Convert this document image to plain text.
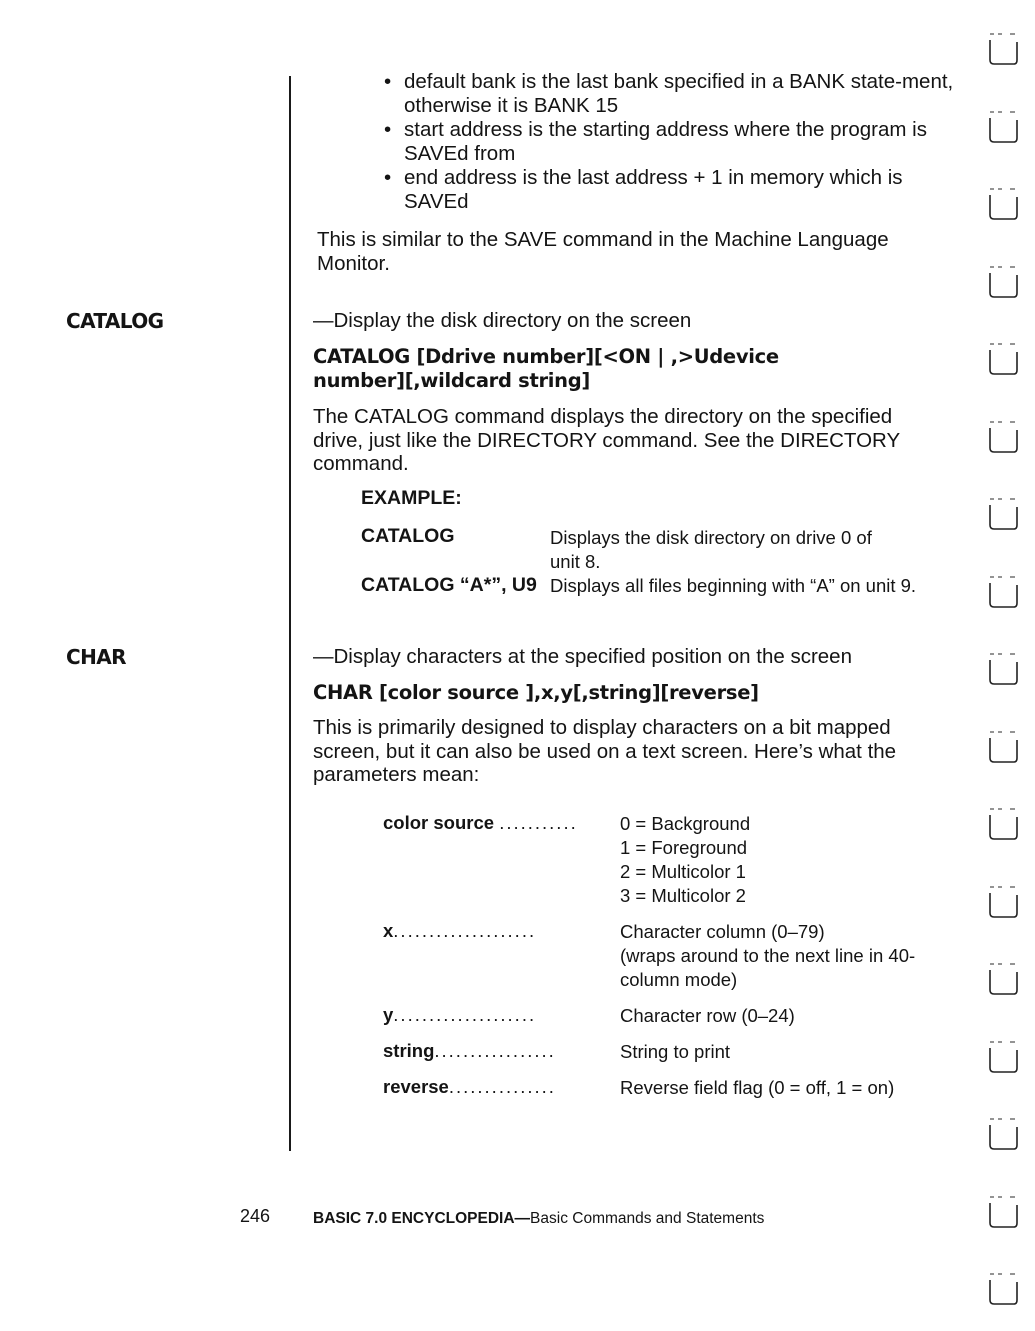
• default bank is the last bank specified in a BANK state-ment, otherwise it is BANK 15
• start address is the starting address where the program is SAVEd from
• end address is the last address + 1 in memory which is SAVEd
This is similar to the SAVE command in the Machine Language Monitor.
CATALOG	—Display the disk directory on the screen
CATALOG [Ddrive number][<ON | ,>Udevice
number][,wildcard string]
The CATALOG command displays the directory on the specified drive, just like the DIRECTORY command. See the DIRECTORY command.
EXAMPLE:
CATALOG	Displays the disk directory on drive 0 of
unit 8.
CATALOG “A*”, U9 Displays all files beginning with “A” on unit 9.
CHAR	—Display characters at the specified position on the screen
CHAR [color source ],x,y[,string][reverse]
This is primarily designed to display characters on a bit mapped screen, but it can also be used on a text screen. Here’s what the parameters mean:
color source ...........	0 = Background
1 = Foreground
2 = Multicolor 1
3 = Multicolor 2
x....................	Character column (0–79)
(wraps around to the next line in 40-
column mode)
y....................	Character row (0–24)
string.................	String to print
reverse...............	Reverse field flag (0 = off, 1 = on)
246	BASIC 7.0 ENCYCLOPEDIA—Basic Commands and Statements
